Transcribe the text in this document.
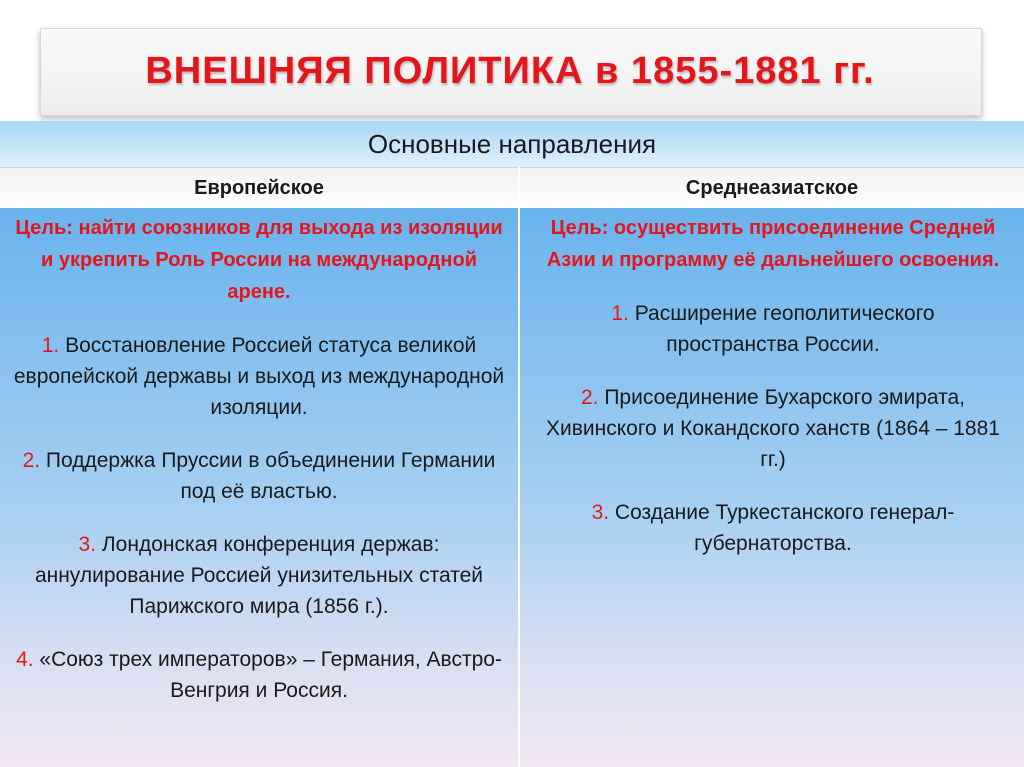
ВНЕШНЯЯ ПОЛИТИКА в 1855-1881 гг.
Основные направления
Европейское	Среднеазиатское
Цель: найти союзников для выхода из изоляции и укрепить Роль России на международной арене.
1. Восстановление Россией статуса великой европейской державы и выход из международной изоляции.
2. Поддержка Пруссии в объединении Германии под её властью.
3. Лондонская конференция держав: аннулирование Россией унизительных статей Парижского мира (1856 г.).
4. «Союз трех императоров» – Германия, Австро-Венгрия и Россия.
Цель: осуществить присоединение Средней Азии и программу её дальнейшего освоения.
1. Расширение геополитического пространства России.
2. Присоединение Бухарского эмирата, Хивинского и Кокандского ханств (1864 – 1881 гг.)
3. Создание Туркестанского генерал-губернаторства.
